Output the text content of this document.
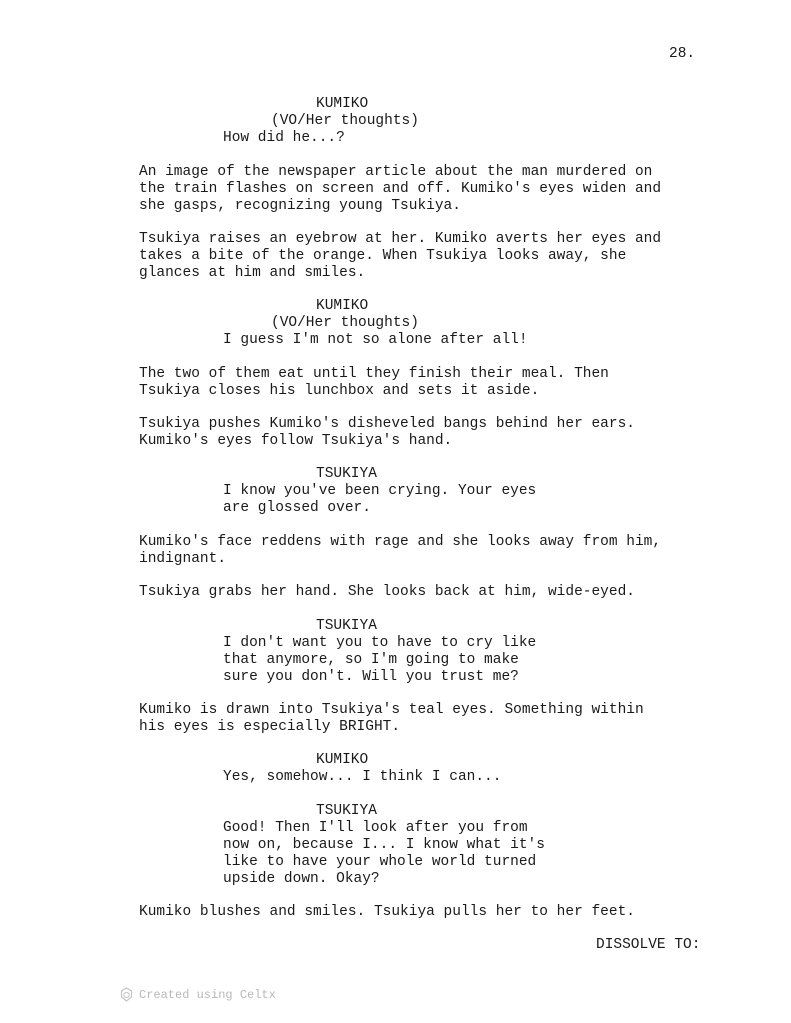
28.
KUMIKO
(VO/Her thoughts)
How did he...?
An image of the newspaper article about the man murdered on
the train flashes on screen and off. Kumiko's eyes widen and
she gasps, recognizing young Tsukiya.
Tsukiya raises an eyebrow at her. Kumiko averts her eyes and
takes a bite of the orange. When Tsukiya looks away, she
glances at him and smiles.
KUMIKO
(VO/Her thoughts)
I guess I'm not so alone after all!
The two of them eat until they finish their meal. Then
Tsukiya closes his lunchbox and sets it aside.
Tsukiya pushes Kumiko's disheveled bangs behind her ears.
Kumiko's eyes follow Tsukiya's hand.
TSUKIYA
I know you've been crying. Your eyes
are glossed over.
Kumiko's face reddens with rage and she looks away from him,
indignant.
Tsukiya grabs her hand. She looks back at him, wide-eyed.
TSUKIYA
I don't want you to have to cry like
that anymore, so I'm going to make
sure you don't. Will you trust me?
Kumiko is drawn into Tsukiya's teal eyes. Something within
his eyes is especially BRIGHT.
KUMIKO
Yes, somehow... I think I can...
TSUKIYA
Good! Then I'll look after you from
now on, because I... I know what it's
like to have your whole world turned
upside down. Okay?
Kumiko blushes and smiles. Tsukiya pulls her to her feet.
DISSOLVE TO:
Created using Celtx
